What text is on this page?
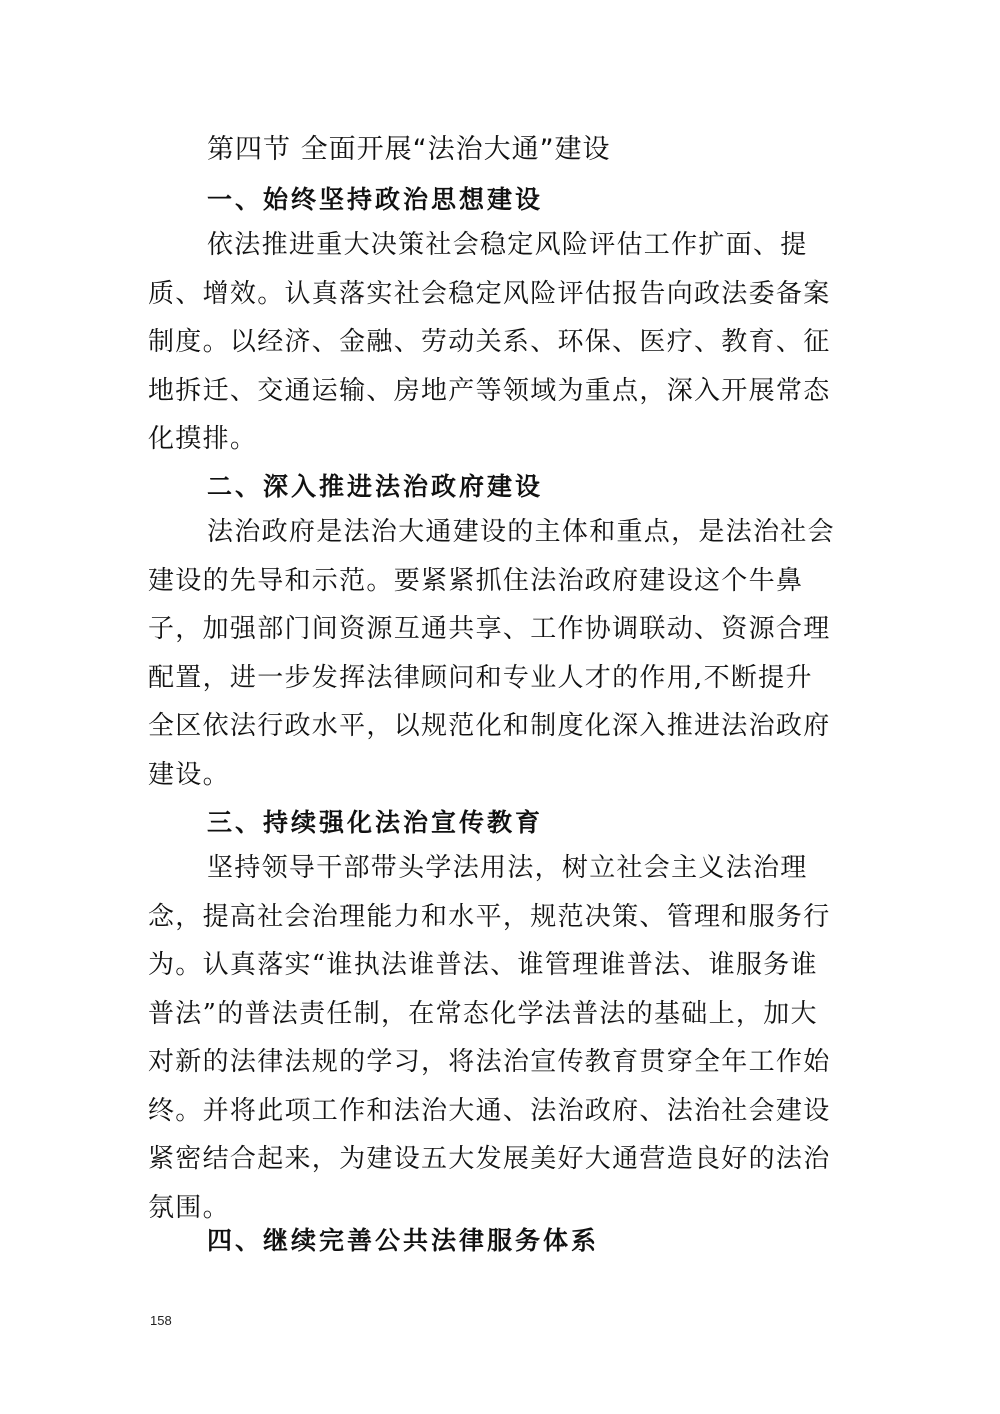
第四节 全面开展“法治大通”建设
一、始终坚持政治思想建设

依法推进重大决策社会稳定风险评估工作扩面、提质、增效。认真落实社会稳定风险评估报告向政法委备案制度。以经济、金融、劳动关系、环保、医疗、教育、征地拆迁、交通运输、房地产等领域为重点，深入开展常态化摸排。

二、深入推进法治政府建设

法治政府是法治大通建设的主体和重点，是法治社会建设的先导和示范。要紧紧抓住法治政府建设这个牛鼻子，加强部门间资源互通共享、工作协调联动、资源合理配置，进一步发挥法律顾问和专业人才的作用,不断提升全区依法行政水平，以规范化和制度化深入推进法治政府建设。

三、持续强化法治宣传教育

坚持领导干部带头学法用法，树立社会主义法治理念，提高社会治理能力和水平，规范决策、管理和服务行为。认真落实“谁执法谁普法、谁管理谁普法、谁服务谁普法”的普法责任制，在常态化学法普法的基础上，加大对新的法律法规的学习，将法治宣传教育贯穿全年工作始终。并将此项工作和法治大通、法治政府、法治社会建设紧密结合起来，为建设五大发展美好大通营造良好的法治氛围。

四、继续完善公共法律服务体系
158
